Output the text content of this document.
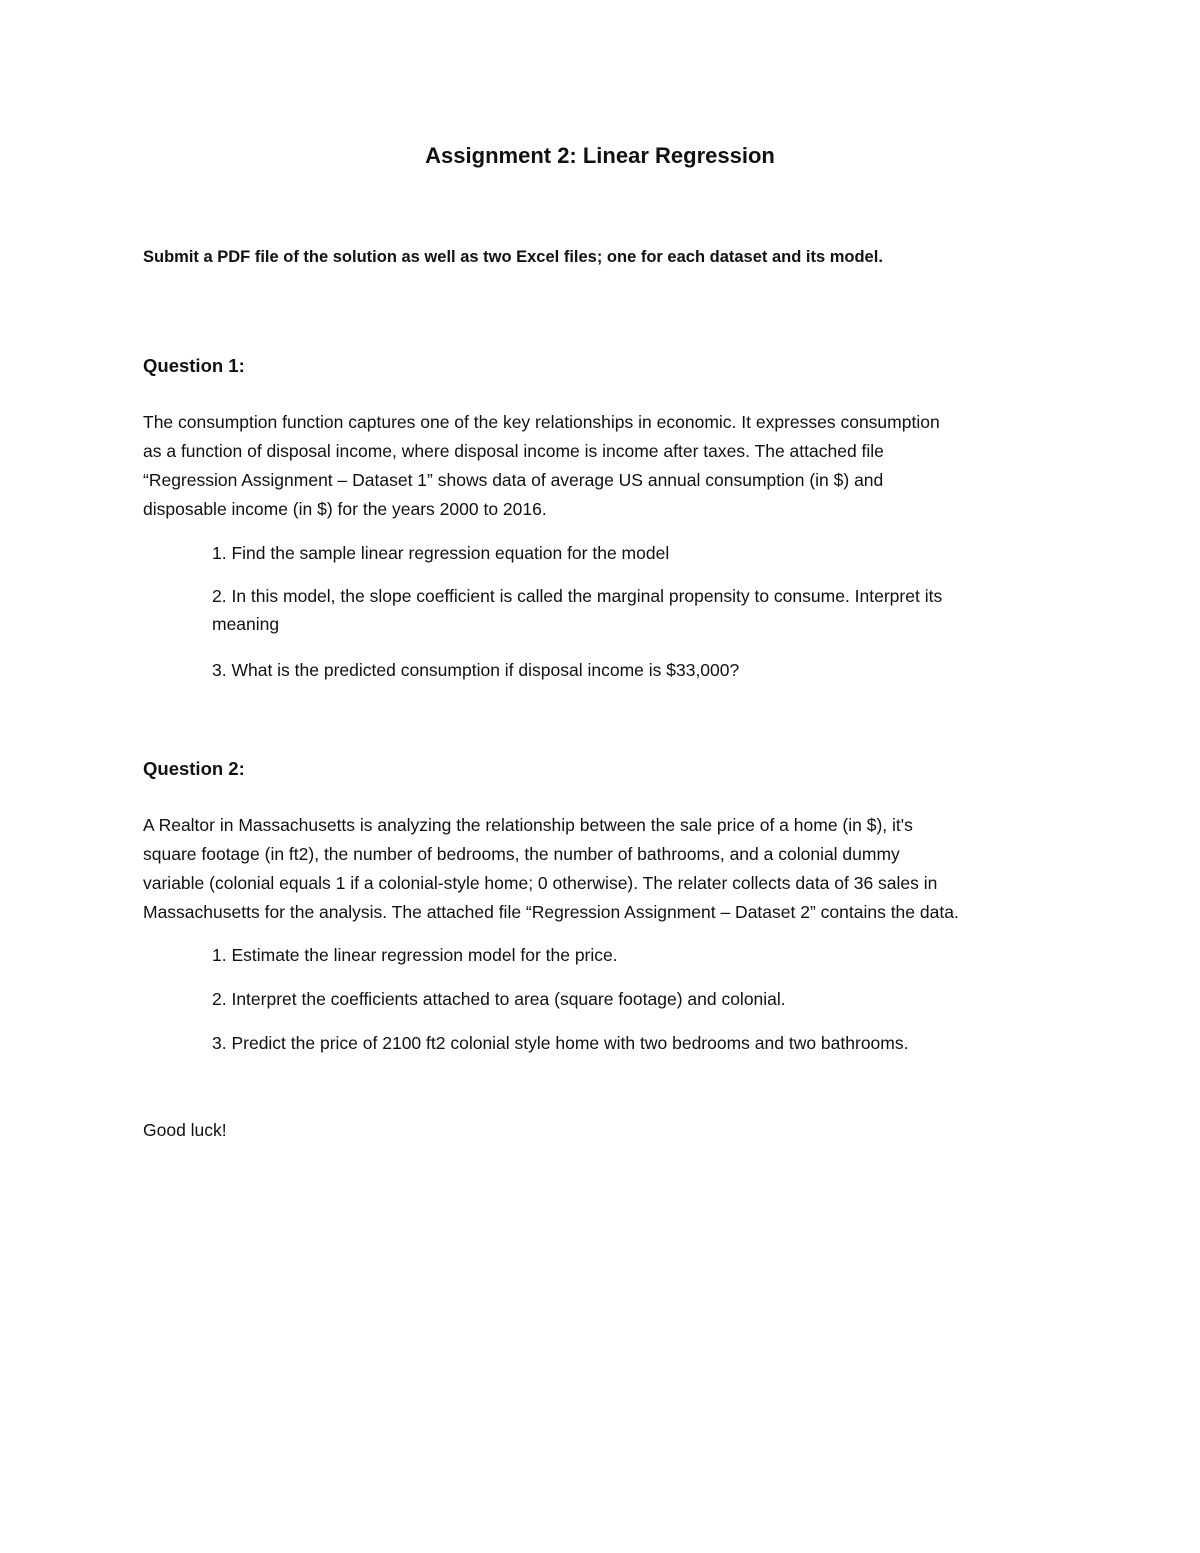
Assignment 2: Linear Regression

Submit a PDF file of the solution as well as two Excel files; one for each dataset and its model.

Question 1:

The consumption function captures one of the key relationships in economic. It expresses consumption
as a function of disposal income, where disposal income is income after taxes. The attached file
“Regression Assignment – Dataset 1” shows data of average US annual consumption (in $) and
disposable income (in $) for the years 2000 to 2016.

1. Find the sample linear regression equation for the model

2. In this model, the slope coefficient is called the marginal propensity to consume. Interpret its
meaning

3. What is the predicted consumption if disposal income is $33,000?

Question 2:

A Realtor in Massachusetts is analyzing the relationship between the sale price of a home (in $), it's
square footage (in ft2), the number of bedrooms, the number of bathrooms, and a colonial dummy
variable (colonial equals 1 if a colonial-style home; 0 otherwise). The relater collects data of 36 sales in
Massachusetts for the analysis. The attached file “Regression Assignment – Dataset 2” contains the data.

1. Estimate the linear regression model for the price.

2. Interpret the coefficients attached to area (square footage) and colonial.

3. Predict the price of 2100 ft2 colonial style home with two bedrooms and two bathrooms.

Good luck!
